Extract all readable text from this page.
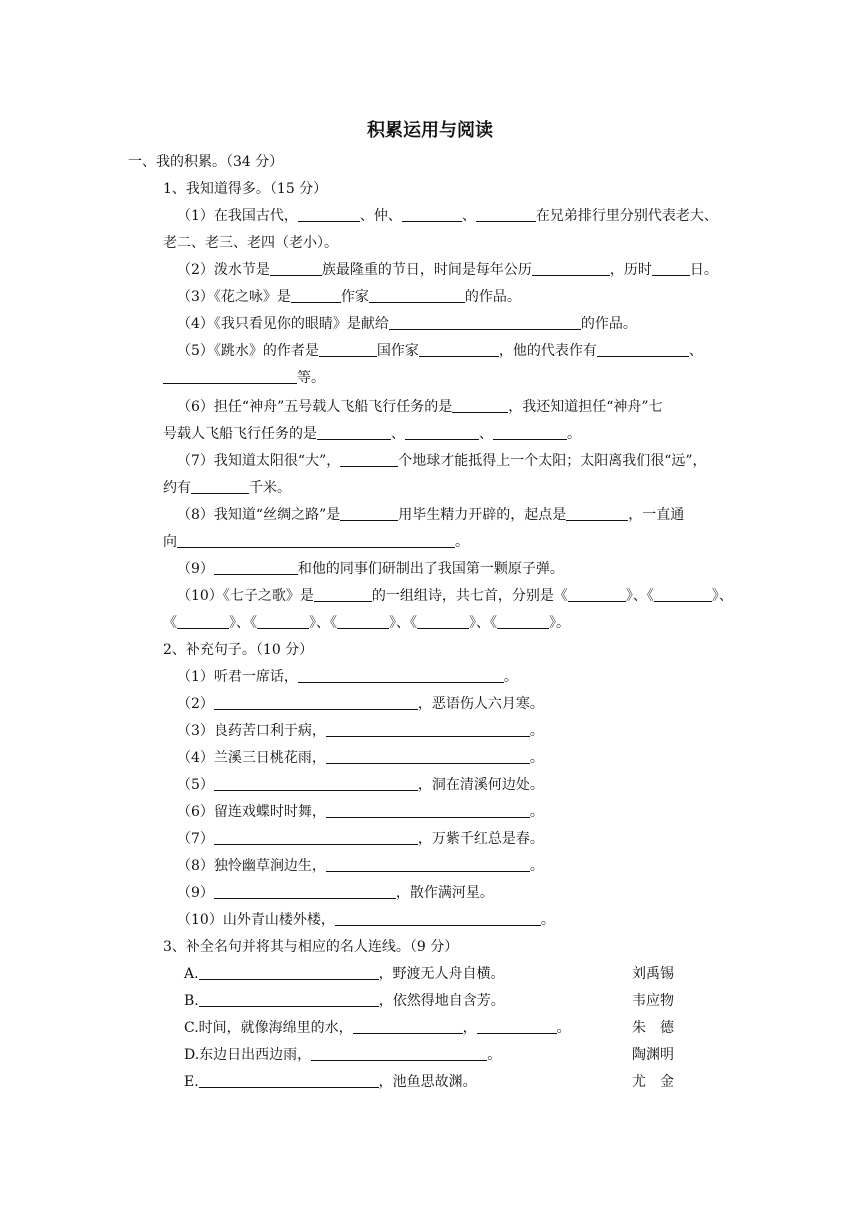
积累运用与阅读
一、我的积累。（34 分）
1、我知道得多。（15 分）
（1）在我国古代，	、仲、	、	在兄弟排行里分别代表老大、
老二、老三、老四（老小）。
（2）泼水节是	族最隆重的节日，时间是每年公历	，历时	日。
（3）《花之咏》是	作家	的作品。
（4）《我只看见你的眼睛》是献给	的作品。
（5）《跳水》的作者是	国作家	，他的代表作有	、
等。
（6）担任“神舟”五号载人飞船飞行任务的是	，我还知道担任“神舟”七
号载人飞船飞行任务的是	、	、	。
（7）我知道太阳很“大”，	个地球才能抵得上一个太阳；太阳离我们很“远”，
约有	千米。
（8）我知道“丝绸之路”是	用毕生精力开辟的，起点是	，一直通
向	。
（9）	和他的同事们研制出了我国第一颗原子弹。
（10）《七子之歌》是	的一组组诗，共七首，分别是《	》、《	》、
《	》、《	》、《	》、《	》、《	》。
2、补充句子。（10 分）
（1）听君一席话，	。
（2）	，恶语伤人六月寒。
（3）良药苦口利于病，	。
（4）兰溪三日桃花雨，	。
（5）	，洞在清溪何边处。
（6）留连戏蝶时时舞，	。
（7）	，万紫千红总是春。
（8）独怜幽草涧边生，	。
（9）	，散作满河星。
（10）山外青山楼外楼，	。
3、补全名句并将其与相应的名人连线。（9 分）
A.	，野渡无人舟自横。	刘禹锡
B.	，依然得地自含芳。	韦应物
C.时间，就像海绵里的水，	，	。	朱　德
D.东边日出西边雨，	。	陶渊明
E.	，池鱼思故渊。	尤　金
